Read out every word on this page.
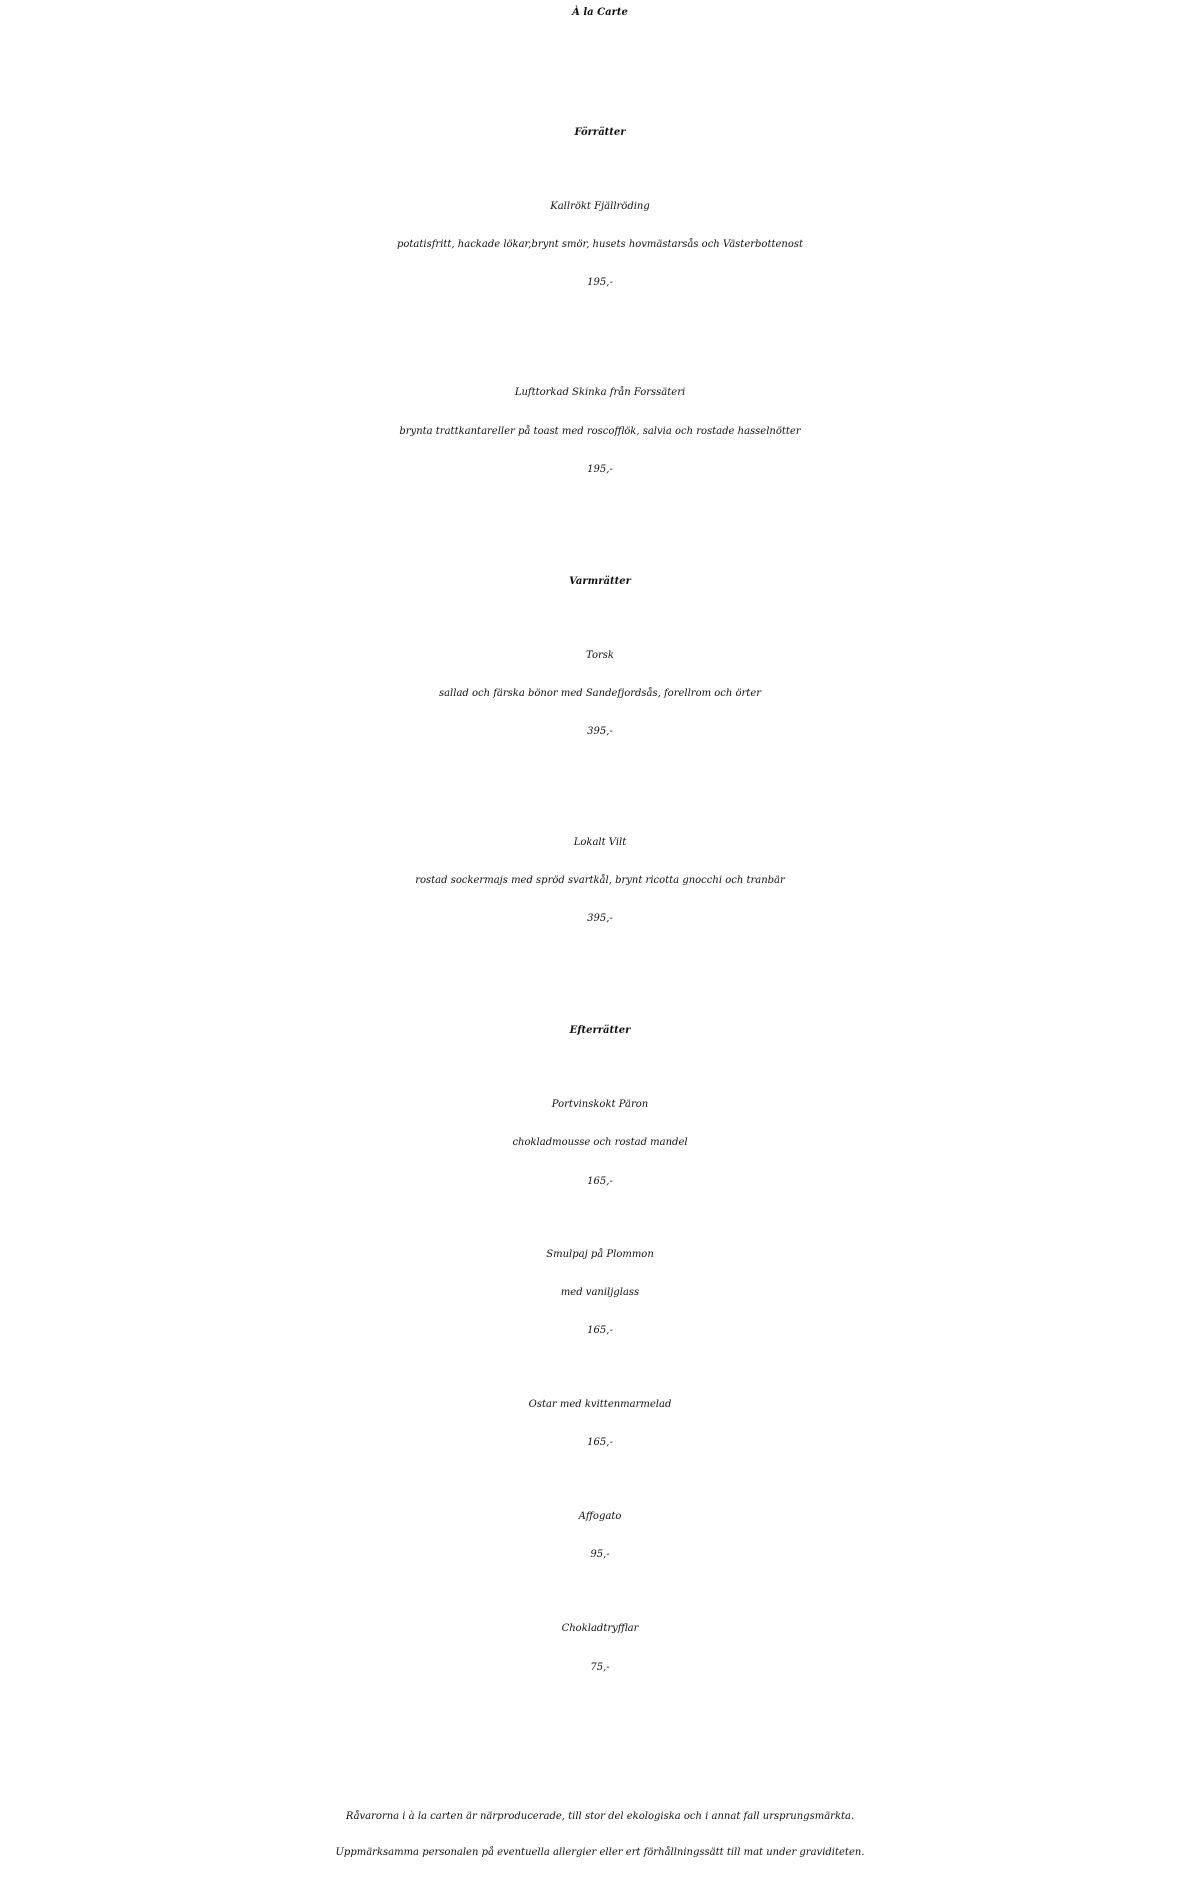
À la Carte
Förrätter
Kallrökt Fjällröding
potatisfritt, hackade lökar,brynt smör, husets hovmästarsås och Västerbottenost
195,-
Lufttorkad Skinka från Forssäteri
brynta trattkantareller på toast med roscofflök, salvia och rostade hasselnötter
195,-
Varmrätter
Torsk
sallad och färska bönor med Sandefjordsås, forellrom och örter
395,-
Lokalt Vilt
rostad sockermajs med spröd svartkål, brynt ricotta gnocchi och tranbär
395,-
Efterrätter
Portvinskokt Päron
chokladmousse och rostad mandel
165,-
Smulpaj på Plommon
med vaniljglass
165,-
Ostar med kvittenmarmelad
165,-
Affogato
95,-
Chokladtryfflar
75,-
Råvarorna i à la carten är närproducerade, till stor del ekologiska och i annat fall ursprungsmärkta.
Uppmärksamma personalen på eventuella allergier eller ert förhållningssätt till mat under graviditeten.
